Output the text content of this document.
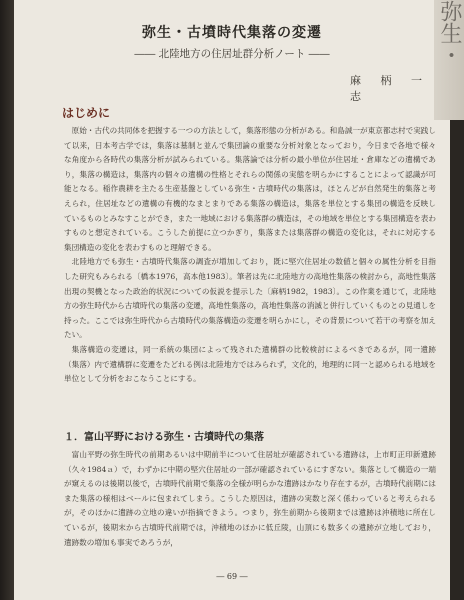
弥生・
弥生・古墳時代集落の変遷
―― 北陸地方の住居址群分析ノート ――
麻 柄 一 志
はじめに

原始・古代の共同体を把握する一つの方法として，集落形態の分析がある。和島誠一が東京都志村で実践して以来，日本考古学では，集落は墓制と並んで集団論の重要な分析対象となっており，今日まで各地で様々な角度から各時代の集落分析が試みられている。集落論では分析の最小単位が住居址・倉庫などの遺構であり，集落の構造は，集落内の個々の遺構の性格とそれらの関係の実態を明らかにすることによって認識が可能となる。稲作農耕を主たる生産基盤としている弥生・古墳時代の集落は，ほとんどが自然発生的集落と考えられ，住居址などの遺構の有機的なまとまりである集落の構造は，集落を単位とする集団の構造を反映しているものとみなすことができ，また一地域における集落群の構造は，その地域を単位とする集団構造を表わすものと想定されている。こうした前提に立つかぎり，集落または集落群の構造の変化は，それに対応する集団構造の変化を表わすものと理解できる。

北陸地方でも弥生・古墳時代集落の調査が増加しており，既に堅穴住居址の数値と個々の属性分析を目指した研究もみられる〔橋本1976，高本他1983〕。筆者は先に北陸地方の高地性集落の検討から，高地性集落出現の契機となった政治的状況についての仮説を提示した〔麻柄1982，1983〕。この作業を通じて，北陸地方の弥生時代から古墳時代の集落の変遷，高地性集落の，高地性集落の消滅と併行していくものとの見通しを持った。ここでは弥生時代から古墳時代の集落構造の変遷を明らかにし，その背景について若干の考察を加えたい。

集落構造の変遷は，同一系統の集団によって残された遺構群の比較検討によるべきであるが，同一遺跡（集落）内で遺構群に変遷をたどれる例は北陸地方ではみられず，文化的，地理的に同一と認められる地域を単位として分析をおこなうことにする。

１．富山平野における弥生・古墳時代の集落

富山平野の弥生時代の前期あるいは中期前半について住居址が確認されている遺跡は，上市町正印新遺跡（久々1984ａ）で，わずかに中期の堅穴住居址の一部が確認されているにすぎない。集落として構造の一端が窺えるのは後期以後で，古墳時代前期で集落の全様が明らかな遺跡はかなり存在するが，古墳時代前期にはまた集落の様相はベールに包まれてしまう。こうした原因は，遺跡の実数と深く係わっていると考えられるが，そのほかに遺跡の立地の違いが指摘できよう。つまり，弥生前期から後期までは遺跡は沖積地に所在しているが，後期末から古墳時代前期では，沖積地のほかに低丘陵，山頂にも数多くの遺跡が立地しており，遺跡数の増加も事実であろうが，

― 69 ―
